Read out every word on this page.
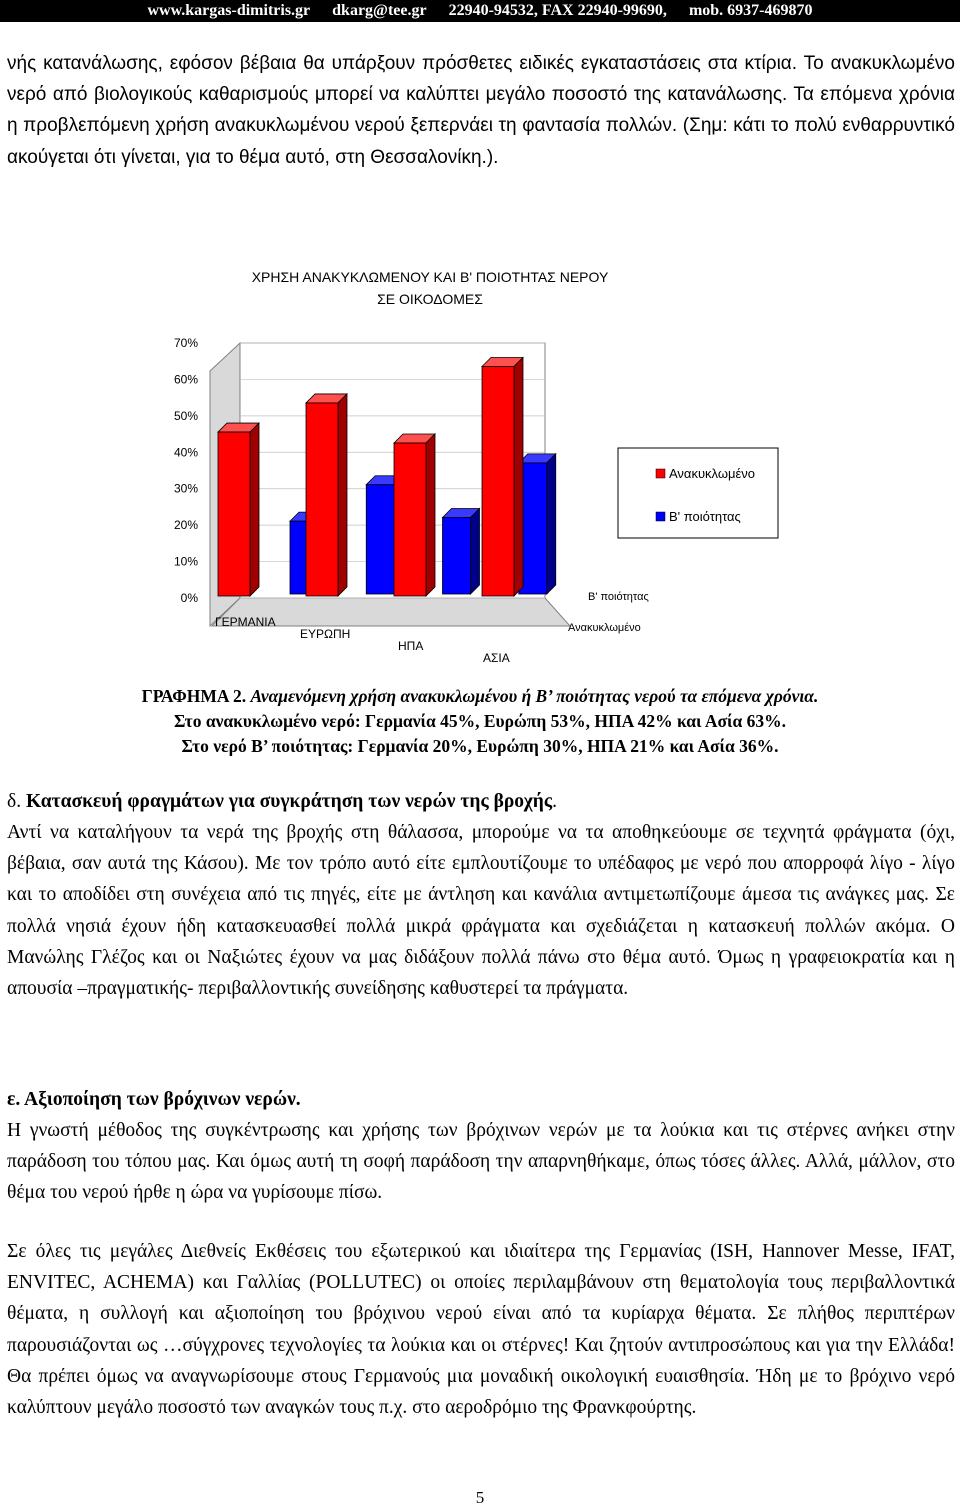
www.kargas-dimitris.gr dkarg@tee.gr 22940-94532, FAX 22940-99690, mob. 6937-469870
νής κατανάλωσης, εφόσον βέβαια θα υπάρξουν πρόσθετες ειδικές εγκαταστάσεις στα κτίρια. Το ανακυκλωμένο νερό από βιολογικούς καθαρισμούς μπορεί να καλύπτει μεγάλο ποσοστό της κατανάλωσης. Τα επόμενα χρόνια η προβλεπόμενη χρήση ανακυκλωμένου νερού ξεπερνάει τη φαντασία πολλών. (Σημ: κάτι το πολύ ενθαρρυντικό ακούγεται ότι γίνεται, για το θέμα αυτό, στη Θεσσαλονίκη.).
ΧΡΗΣΗ ΑΝΑΚΥΚΛΩΜΕΝΟΥ ΚΑΙ Β' ΠΟΙΟΤΗΤΑΣ ΝΕΡΟΥ
ΣΕ ΟΙΚΟΔΟΜΕΣ
0%
10%
20%
30%
40%
50%
60%
70%
ΓΕΡΜΑΝΙΑ
ΕΥΡΩΠΗ
ΗΠΑ
ΑΣΙΑ
Β' ποιότητας
Ανακυκλωμένο
Ανακυκλωμένο
Β' ποιότητας
ΓΡΑΦΗΜΑ 2. Αναμενόμενη χρήση ανακυκλωμένου ή Β’ ποιότητας νερού τα επόμενα χρόνια.
Στο ανακυκλωμένο νερό: Γερμανία 45%, Ευρώπη 53%, ΗΠΑ 42% και Ασία 63%.
Στο νερό Β’ ποιότητας: Γερμανία 20%, Ευρώπη 30%, ΗΠΑ 21% και Ασία 36%.
δ. Κατασκευή φραγμάτων για συγκράτηση των νερών της βροχής.
Αντί να καταλήγουν τα νερά της βροχής στη θάλασσα, μπορούμε να τα αποθηκεύουμε σε τεχνητά φράγματα (όχι, βέβαια, σαν αυτά της Κάσου). Με τον τρόπο αυτό είτε εμπλουτίζουμε το υπέδαφος με νερό που απορροφά λίγο - λίγο και το αποδίδει στη συνέχεια από τις πηγές, είτε με άντληση και κανάλια αντιμετωπίζουμε άμεσα τις ανάγκες μας. Σε πολλά νησιά έχουν ήδη κατασκευασθεί πολλά μικρά φράγματα και σχεδιάζεται η κατασκευή πολλών ακόμα. Ο Μανώλης Γλέζος και οι Ναξιώτες έχουν να μας διδάξουν πολλά πάνω στο θέμα αυτό. Όμως η γραφειοκρατία και η απουσία –πραγματικής- περιβαλλοντικής συνείδησης καθυστερεί τα πράγματα.
ε. Αξιοποίηση των βρόχινων νερών.
Η γνωστή μέθοδος της συγκέντρωσης και χρήσης των βρόχινων νερών με τα λούκια και τις στέρνες ανήκει στην παράδοση του τόπου μας. Και όμως αυτή τη σοφή παράδοση την απαρνηθήκαμε, όπως τόσες άλλες. Αλλά, μάλλον, στο θέμα του νερού ήρθε η ώρα να γυρίσουμε πίσω.
Σε όλες τις μεγάλες Διεθνείς Εκθέσεις του εξωτερικού και ιδιαίτερα της Γερμανίας (ISH, Hannover Messe, IFAT, ENVITEC, ACHEMA) και Γαλλίας (POLLUTEC) οι οποίες περιλαμβάνουν στη θεματολογία τους περιβαλλοντικά θέματα, η συλλογή και αξιοποίηση του βρόχινου νερού είναι από τα κυρίαρχα θέματα. Σε πλήθος περιπτέρων παρουσιάζονται ως …σύγχρονες τεχνολογίες τα λούκια και οι στέρνες! Και ζητούν αντιπροσώπους και για την Ελλάδα! Θα πρέπει όμως να αναγνωρίσουμε στους Γερμανούς μια μοναδική οικολογική ευαισθησία. Ήδη με το βρόχινο νερό καλύπτουν μεγάλο ποσοστό των αναγκών τους π.χ. στο αεροδρόμιο της Φρανκφούρτης.
5
